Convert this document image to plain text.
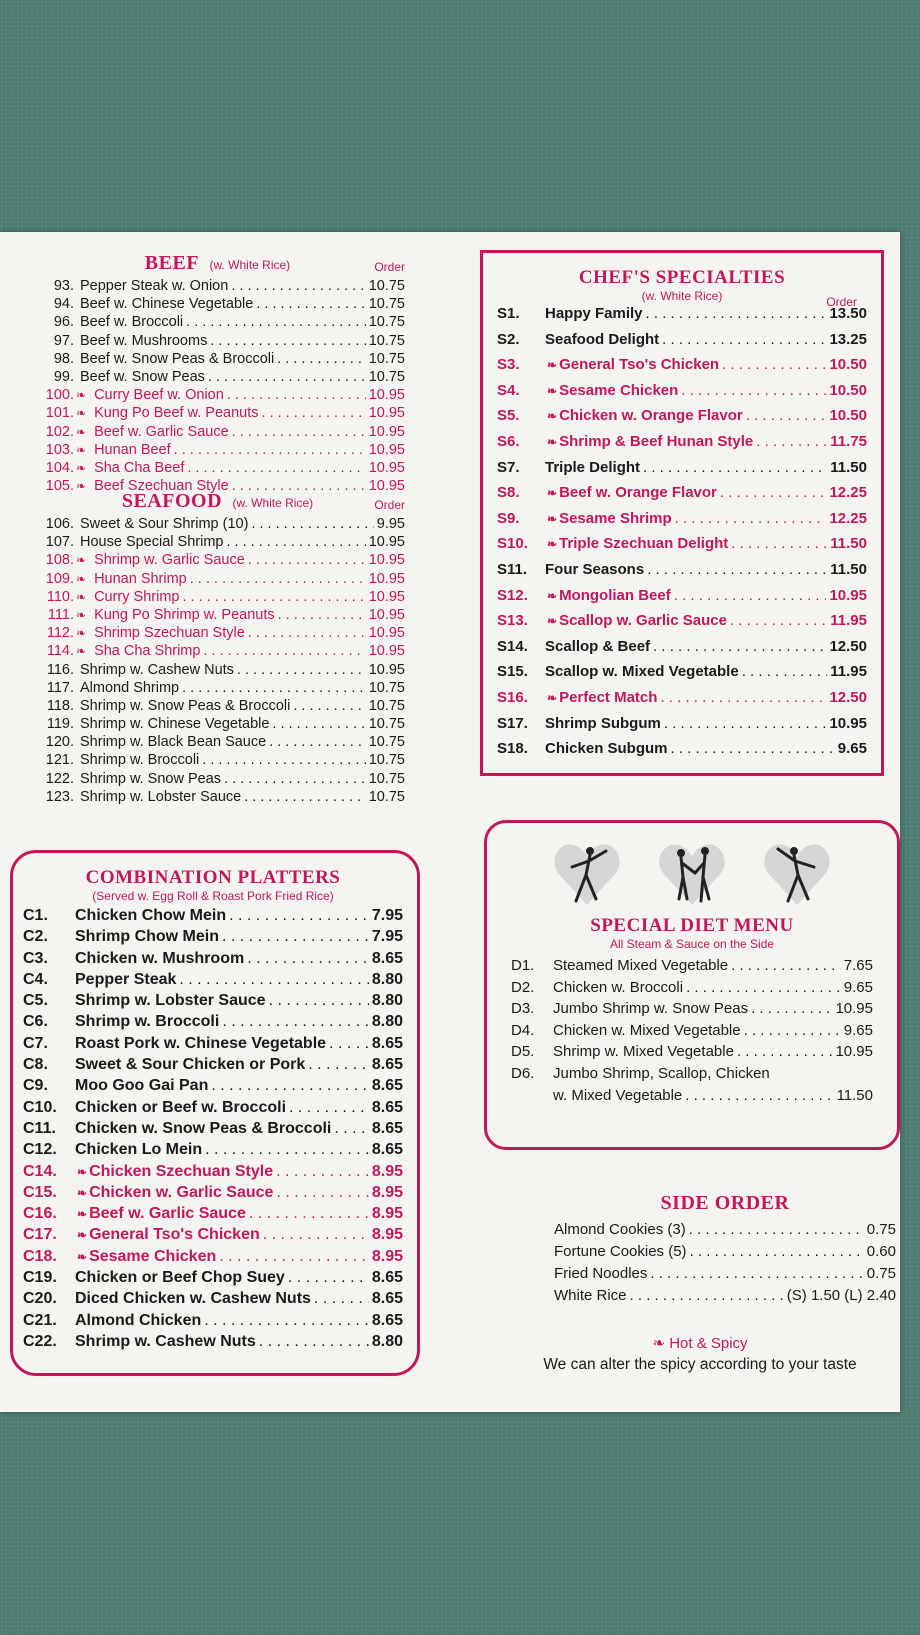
BEEF (w. White Rice)	Order
93. Pepper Steak w. Onion . . .	10.75
94. Beef w. Chinese Vegetable . . .	10.75
96. Beef w. Broccoli . . .	10.75
97. Beef w. Mushrooms . . .	10.75
98. Beef w. Snow Peas & Broccoli . . .	10.75
99. Beef w. Snow Peas . . .	10.75
100. ❧ Curry Beef w. Onion . . .	10.95
101. ❧ Kung Po Beef w. Peanuts . . .	10.95
102. ❧ Beef w. Garlic Sauce . . .	10.95
103. ❧ Hunan Beef . . .	10.95
104. ❧ Sha Cha Beef . . .	10.95
105. ❧ Beef Szechuan Style . . .	10.95
SEAFOOD (w. White Rice)	Order
106. Sweet & Sour Shrimp (10) . . .	9.95
107. House Special Shrimp . . .	10.95
108. ❧ Shrimp w. Garlic Sauce . . .	10.95
109. ❧ Hunan Shrimp . . .	10.95
110. ❧ Curry Shrimp . . .	10.95
111. ❧ Kung Po Shrimp w. Peanuts . . .	10.95
112. ❧ Shrimp Szechuan Style . . .	10.95
114. ❧ Sha Cha Shrimp . . .	10.95
116. Shrimp w. Cashew Nuts . . .	10.95
117. Almond Shrimp . . .	10.75
118. Shrimp w. Snow Peas & Broccoli . . .	10.75
119. Shrimp w. Chinese Vegetable . . .	10.75
120. Shrimp w. Black Bean Sauce . . .	10.75
121. Shrimp w. Broccoli . . .	10.75
122. Shrimp w. Snow Peas . . .	10.75
123. Shrimp w. Lobster Sauce . . .	10.75
COMBINATION PLATTERS
(Served w. Egg Roll & Roast Pork Fried Rice)
C1.	Chicken Chow Mein . . .	7.95
C2.	Shrimp Chow Mein . . .	7.95
C3.	Chicken w. Mushroom . . .	8.65
C4.	Pepper Steak . . .	8.80
C5.	Shrimp w. Lobster Sauce . . .	8.80
C6.	Shrimp w. Broccoli . . .	8.80
C7.	Roast Pork w. Chinese Vegetable . . .	8.65
C8.	Sweet & Sour Chicken or Pork . . .	8.65
C9.	Moo Goo Gai Pan . . .	8.65
C10.	Chicken or Beef w. Broccoli . . .	8.65
C11.	Chicken w. Snow Peas & Broccoli . . .	8.65
C12.	Chicken Lo Mein . . .	8.65
C14.	❧ Chicken Szechuan Style . . .	8.95
C15.	❧ Chicken w. Garlic Sauce . . .	8.95
C16.	❧ Beef w. Garlic Sauce . . .	8.95
C17.	❧ General Tso's Chicken . . .	8.95
C18.	❧ Sesame Chicken . . .	8.95
C19.	Chicken or Beef Chop Suey . . .	8.65
C20.	Diced Chicken w. Cashew Nuts . . .	8.65
C21.	Almond Chicken . . .	8.65
C22.	Shrimp w. Cashew Nuts . . .	8.80
CHEF'S SPECIALTIES
(w. White Rice)	Order
S1.	Happy Family . . .	13.50
S2.	Seafood Delight . . .	13.25
S3.	❧ General Tso's Chicken . . .	10.50
S4.	❧ Sesame Chicken . . .	10.50
S5.	❧ Chicken w. Orange Flavor . . .	10.50
S6.	❧ Shrimp & Beef Hunan Style . . .	11.75
S7.	Triple Delight . . .	11.50
S8.	❧ Beef w. Orange Flavor . . .	12.25
S9.	❧ Sesame Shrimp . . .	12.25
S10.	❧ Triple Szechuan Delight . . .	11.50
S11.	Four Seasons . . .	11.50
S12.	❧ Mongolian Beef . . .	10.95
S13.	❧ Scallop w. Garlic Sauce . . .	11.95
S14.	Scallop & Beef . . .	12.50
S15.	Scallop w. Mixed Vegetable . . .	11.95
S16.	❧ Perfect Match . . .	12.50
S17.	Shrimp Subgum . . .	10.95
S18.	Chicken Subgum . . .	9.65
SPECIAL DIET MENU
All Steam & Sauce on the Side
D1.	Steamed Mixed Vegetable . . .	7.65
D2.	Chicken w. Broccoli . . .	9.65
D3.	Jumbo Shrimp w. Snow Peas . . .	10.95
D4.	Chicken w. Mixed Vegetable . . .	9.65
D5.	Shrimp w. Mixed Vegetable . . .	10.95
D6.	Jumbo Shrimp, Scallop, Chicken
w. Mixed Vegetable . . .	11.50
SIDE ORDER
Almond Cookies (3) . . .	0.75
Fortune Cookies (5) . . .	0.60
Fried Noodles . . .	0.75
White Rice . . .	(S) 1.50 (L) 2.40
❧ Hot & Spicy
We can alter the spicy according to your taste
